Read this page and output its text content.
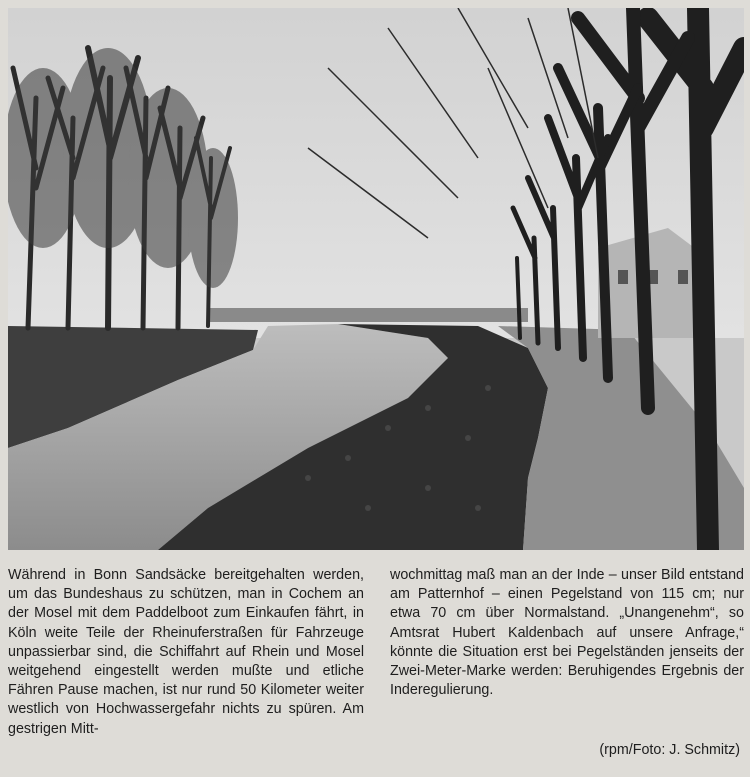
Während in Bonn Sandsäcke bereitgehalten werden, um das Bundeshaus zu schützen, man in Cochem an der Mosel mit dem Paddelboot zum Einkaufen fährt, in Köln weite Teile der Rheinuferstraßen für Fahrzeuge unpassierbar sind, die Schiffahrt auf Rhein und Mosel weitgehend eingestellt werden mußte und etliche Fähren Pause machen, ist nur rund 50 Kilometer weiter westlich von Hochwassergefahr nichts zu spüren. Am gestrigen Mitt-
wochmittag maß man an der Inde – unser Bild entstand am Patternhof – einen Pegelstand von 115 cm; nur etwa 70 cm über Normalstand. „Unangenehm“, so Amtsrat Hubert Kaldenbach auf unsere Anfrage,“ könnte die Situation erst bei Pegelständen jenseits der Zwei-Meter-Marke werden: Beruhigendes Ergebnis der Inderegulierung.
(rpm/Foto: J. Schmitz)
